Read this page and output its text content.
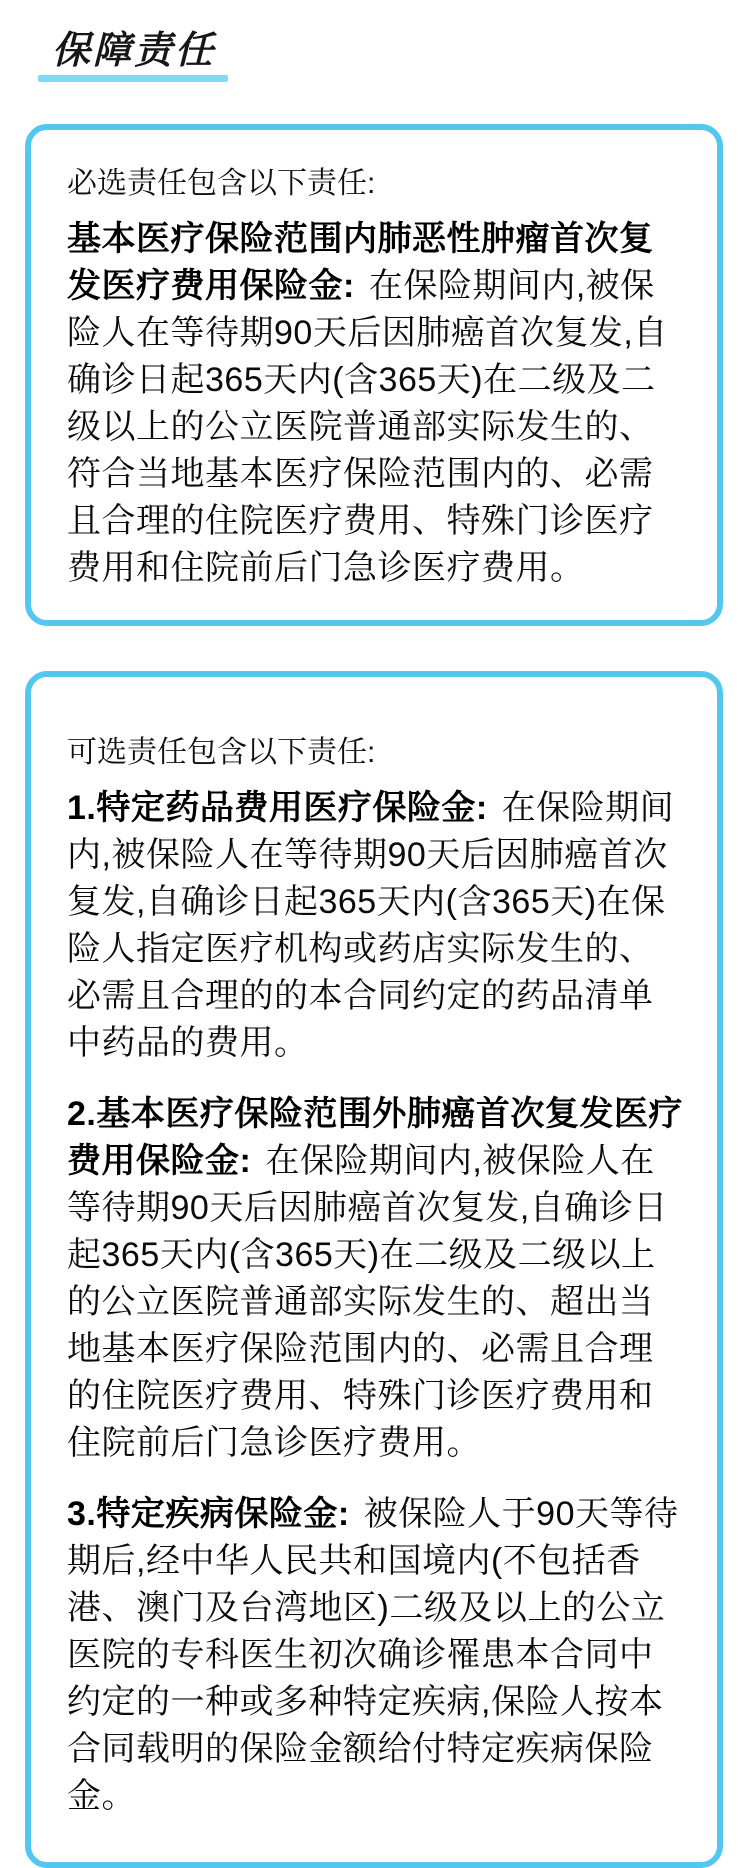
保障责任

必选责任包含以下责任:

基本医疗保险范围内肺恶性肿瘤首次复发医疗费用保险金: 在保险期间内,被保险人在等待期90天后因肺癌首次复发,自确诊日起365天内(含365天)在二级及二级以上的公立医院普通部实际发生的、符合当地基本医疗保险范围内的、必需且合理的住院医疗费用、特殊门诊医疗费用和住院前后门急诊医疗费用。

可选责任包含以下责任:

1.特定药品费用医疗保险金: 在保险期间内,被保险人在等待期90天后因肺癌首次复发,自确诊日起365天内(含365天)在保险人指定医疗机构或药店实际发生的、必需且合理的的本合同约定的药品清单中药品的费用。

2.基本医疗保险范围外肺癌首次复发医疗费用保险金: 在保险期间内,被保险人在等待期90天后因肺癌首次复发,自确诊日起365天内(含365天)在二级及二级以上的公立医院普通部实际发生的、超出当地基本医疗保险范围内的、必需且合理的住院医疗费用、特殊门诊医疗费用和住院前后门急诊医疗费用。

3.特定疾病保险金: 被保险人于90天等待期后,经中华人民共和国境内(不包括香港、澳门及台湾地区)二级及以上的公立医院的专科医生初次确诊罹患本合同中约定的一种或多种特定疾病,保险人按本合同载明的保险金额给付特定疾病保险金。
